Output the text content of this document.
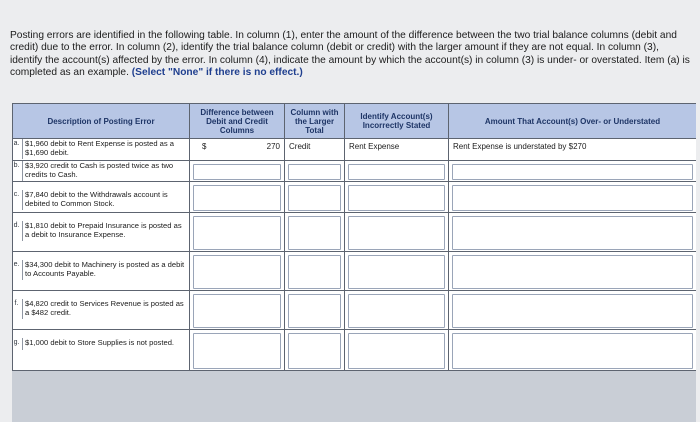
Posting errors are identified in the following table. In column (1), enter the amount of the difference between the two trial balance columns (debit and credit) due to the error. In column (2), identify the trial balance column (debit or credit) with the larger amount if they are not equal. In column (3), identify the account(s) affected by the error. In column (4), indicate the amount by which the account(s) in column (3) is under- or overstated. Item (a) is completed as an example. (Select "None" if there is no effect.)
Description of Posting Error	Difference between Debit and Credit Columns	Column with the Larger Total	Identify Account(s) Incorrectly Stated	Amount That Account(s) Over- or Understated

a. $1,960 debit to Rent Expense is posted as a $1,690 debit.	$ 270	Credit	Rent Expense	Rent Expense is understated by $270

b. $3,920 credit to Cash is posted twice as two credits to Cash.				

c. $7,840 debit to the Withdrawals account is debited to Common Stock.				

d. $1,810 debit to Prepaid Insurance is posted as a debit to Insurance Expense.				

e. $34,300 debit to Machinery is posted as a debit to Accounts Payable.				

f. $4,820 credit to Services Revenue is posted as a $482 credit.				

g. $1,000 debit to Store Supplies is not posted.				
